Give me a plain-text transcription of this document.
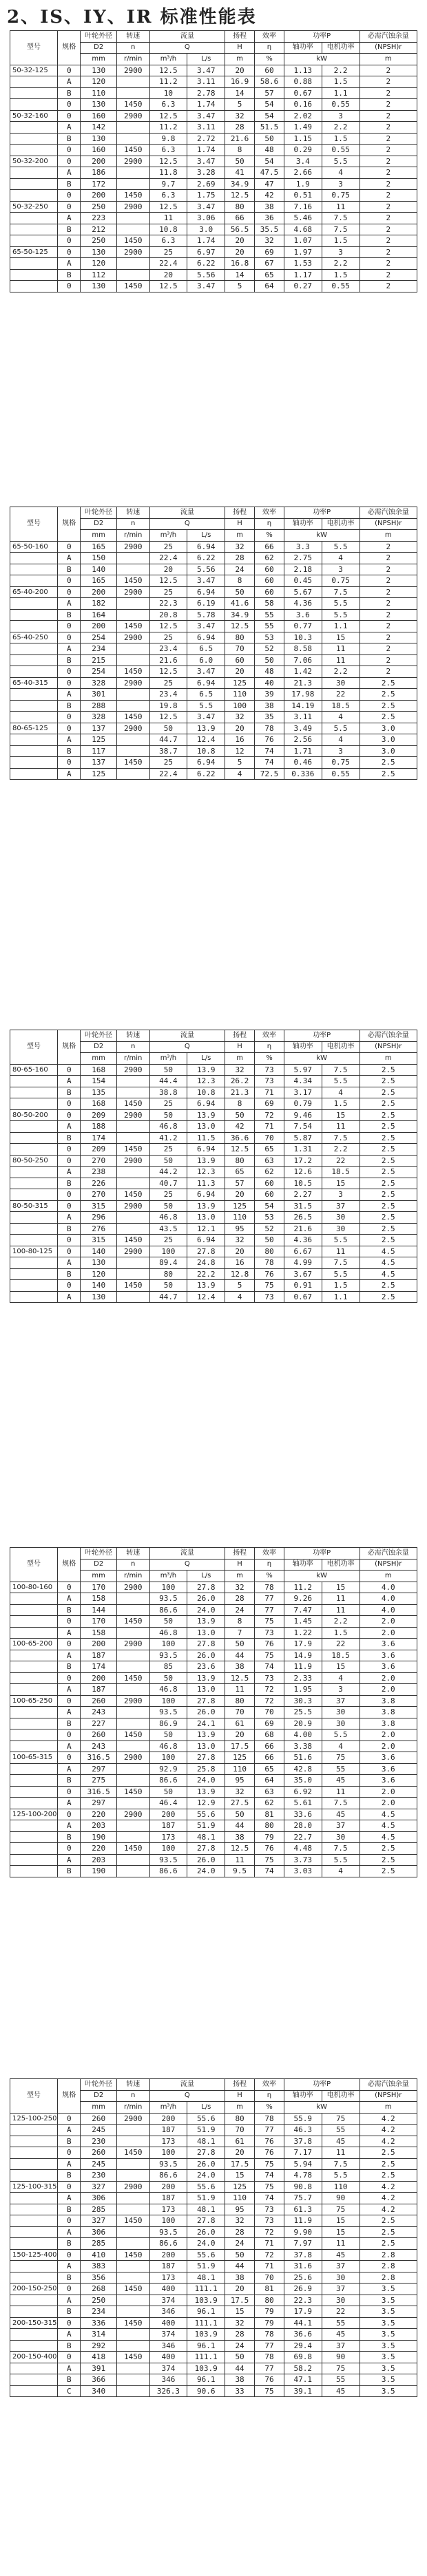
2、IS、IY、IR 标准性能表
型号	规格	叶轮外径	转速	流量		扬程	效率	功率P		必需汽蚀余量
		D2	n	Q		H	η	轴功率	电机功率	(NPSH)r
		mm	r/min	m³/h	L/s	m	%	kW		m
50-32-125	0	130	2900	12.5	3.47	20	60	1.13	2.2	2
	A	120		11.2	3.11	16.9	58.6	0.88	1.5	2
	B	110		10	2.78	14	57	0.67	1.1	2
	0	130	1450	6.3	1.74	5	54	0.16	0.55	2
50-32-160	0	160	2900	12.5	3.47	32	54	2.02	3	2
	A	142		11.2	3.11	28	51.5	1.49	2.2	2
	B	130		9.8	2.72	21.6	50	1.15	1.5	2
	0	160	1450	6.3	1.74	8	48	0.29	0.55	2
50-32-200	0	200	2900	12.5	3.47	50	54	3.4	5.5	2
	A	186		11.8	3.28	41	47.5	2.66	4	2
	B	172		9.7	2.69	34.9	47	1.9	3	2
	0	200	1450	6.3	1.75	12.5	42	0.51	0.75	2
50-32-250	0	250	2900	12.5	3.47	80	38	7.16	11	2
	A	223		11	3.06	66	36	5.46	7.5	2
	B	212		10.8	3.0	56.5	35.5	4.68	7.5	2
	0	250	1450	6.3	1.74	20	32	1.07	1.5	2
65-50-125	0	130	2900	25	6.97	20	69	1.97	3	2
	A	120		22.4	6.22	16.8	67	1.53	2.2	2
	B	112		20	5.56	14	65	1.17	1.5	2
	0	130	1450	12.5	3.47	5	64	0.27	0.55	2
型号	规格	叶轮外径	转速	流量		扬程	效率	功率P		必需汽蚀余量
		D2	n	Q		H	η	轴功率	电机功率	(NPSH)r
		mm	r/min	m³/h	L/s	m	%	kW		m
65-50-160	0	165	2900	25	6.94	32	66	3.3	5.5	2
	A	150		22.4	6.22	28	62	2.75	4	2
	B	140		20	5.56	24	60	2.18	3	2
	0	165	1450	12.5	3.47	8	60	0.45	0.75	2
65-40-200	0	200	2900	25	6.94	50	60	5.67	7.5	2
	A	182		22.3	6.19	41.6	58	4.36	5.5	2
	B	164		20.8	5.78	34.9	55	3.6	5.5	2
	0	200	1450	12.5	3.47	12.5	55	0.77	1.1	2
65-40-250	0	254	2900	25	6.94	80	53	10.3	15	2
	A	234		23.4	6.5	70	52	8.58	11	2
	B	215		21.6	6.0	60	50	7.06	11	2
	0	254	1450	12.5	3.47	20	48	1.42	2.2	2
65-40-315	0	328	2900	25	6.94	125	40	21.3	30	2.5
	A	301		23.4	6.5	110	39	17.98	22	2.5
	B	288		19.8	5.5	100	38	14.19	18.5	2.5
	0	328	1450	12.5	3.47	32	35	3.11	4	2.5
80-65-125	0	137	2900	50	13.9	20	78	3.49	5.5	3.0
	A	125		44.7	12.4	16	76	2.56	4	3.0
	B	117		38.7	10.8	12	74	1.71	3	3.0
	0	137	1450	25	6.94	5	74	0.46	0.75	2.5
	A	125		22.4	6.22	4	72.5	0.336	0.55	2.5
型号	规格	叶轮外径	转速	流量		扬程	效率	功率P		必需汽蚀余量
		D2	n	Q		H	η	轴功率	电机功率	(NPSH)r
		mm	r/min	m³/h	L/s	m	%	kW		m
80-65-160	0	168	2900	50	13.9	32	73	5.97	7.5	2.5
	A	154		44.4	12.3	26.2	73	4.34	5.5	2.5
	B	135		38.8	10.8	21.3	71	3.17	4	2.5
	0	168	1450	25	6.94	8	69	0.79	1.5	2.5
80-50-200	0	209	2900	50	13.9	50	72	9.46	15	2.5
	A	188		46.8	13.0	42	71	7.54	11	2.5
	B	174		41.2	11.5	36.6	70	5.87	7.5	2.5
	0	209	1450	25	6.94	12.5	65	1.31	2.2	2.5
80-50-250	0	270	2900	50	13.9	80	63	17.2	22	2.5
	A	238		44.2	12.3	65	62	12.6	18.5	2.5
	B	226		40.7	11.3	57	60	10.5	15	2.5
	0	270	1450	25	6.94	20	60	2.27	3	2.5
80-50-315	0	315	2900	50	13.9	125	54	31.5	37	2.5
	A	296		46.8	13.0	110	53	26.5	30	2.5
	B	276		43.5	12.1	95	52	21.6	30	2.5
	0	315	1450	25	6.94	32	50	4.36	5.5	2.5
100-80-125	0	140	2900	100	27.8	20	80	6.67	11	4.5
	A	130		89.4	24.8	16	78	4.99	7.5	4.5
	B	120		80	22.2	12.8	76	3.67	5.5	4.5
	0	140	1450	50	13.9	5	75	0.91	1.5	2.5
	A	130		44.7	12.4	4	73	0.67	1.1	2.5
型号	规格	叶轮外径	转速	流量		扬程	效率	功率P		必需汽蚀余量
		D2	n	Q		H	η	轴功率	电机功率	(NPSH)r
		mm	r/min	m³/h	L/s	m	%	kW		m
100-80-160	0	170	2900	100	27.8	32	78	11.2	15	4.0
	A	158		93.5	26.0	28	77	9.26	11	4.0
	B	144		86.6	24.0	24	77	7.47	11	4.0
	0	170	1450	50	13.9	8	75	1.45	2.2	2.0
	A	158		46.8	13.0	7	73	1.22	1.5	2.0
100-65-200	0	200	2900	100	27.8	50	76	17.9	22	3.6
	A	187		93.5	26.0	44	75	14.9	18.5	3.6
	B	174		85	23.6	38	74	11.9	15	3.6
	0	200	1450	50	13.9	12.5	73	2.33	4	2.0
	A	187		46.8	13.0	11	72	1.95	3	2.0
100-65-250	0	260	2900	100	27.8	80	72	30.3	37	3.8
	A	243		93.5	26.0	70	70	25.5	30	3.8
	B	227		86.9	24.1	61	69	20.9	30	3.8
	0	260	1450	50	13.9	20	68	4.00	5.5	2.0
	A	243		46.8	13.0	17.5	66	3.38	4	2.0
100-65-315	0	316.5	2900	100	27.8	125	66	51.6	75	3.6
	A	297		92.9	25.8	110	65	42.8	55	3.6
	B	275		86.6	24.0	95	64	35.0	45	3.6
	0	316.5	1450	50	13.9	32	63	6.92	11	2.0
	A	297		46.4	12.9	27.5	62	5.61	7.5	2.0
125-100-200	0	220	2900	200	55.6	50	81	33.6	45	4.5
	A	203		187	51.9	44	80	28.0	37	4.5
	B	190		173	48.1	38	79	22.7	30	4.5
	0	220	1450	100	27.8	12.5	76	4.48	7.5	2.5
	A	203		93.5	26.0	11	75	3.73	5.5	2.5
	B	190		86.6	24.0	9.5	74	3.03	4	2.5
型号	规格	叶轮外径	转速	流量		扬程	效率	功率P		必需汽蚀余量
		D2	n	Q		H	η	轴功率	电机功率	(NPSH)r
		mm	r/min	m³/h	L/s	m	%	kW		m
125-100-250	0	260	2900	200	55.6	80	78	55.9	75	4.2
	A	245		187	51.9	70	77	46.3	55	4.2
	B	230		173	48.1	61	76	37.8	45	4.2
	0	260	1450	100	27.8	20	76	7.17	11	2.5
	A	245		93.5	26.0	17.5	75	5.94	7.5	2.5
	B	230		86.6	24.0	15	74	4.78	5.5	2.5
125-100-315	0	327	2900	200	55.6	125	75	90.8	110	4.2
	A	306		187	51.9	110	74	75.7	90	4.2
	B	285		173	48.1	95	73	61.3	75	4.2
	0	327	1450	100	27.8	32	73	11.9	15	2.5
	A	306		93.5	26.0	28	72	9.90	15	2.5
	B	285		86.6	24.0	24	71	7.97	11	2.5
150-125-400	0	410	1450	200	55.6	50	72	37.8	45	2.8
	A	383		187	51.9	44	71	31.6	37	2.8
	B	356		173	48.1	38	70	25.6	30	2.8
200-150-250	0	268	1450	400	111.1	20	81	26.9	37	3.5
	A	250		374	103.9	17.5	80	22.3	30	3.5
	B	234		346	96.1	15	79	17.9	22	3.5
200-150-315	0	336	1450	400	111.1	32	79	44.1	55	3.5
	A	314		374	103.9	28	78	36.6	45	3.5
	B	292		346	96.1	24	77	29.4	37	3.5
200-150-400	0	418	1450	400	111.1	50	78	69.8	90	3.5
	A	391		374	103.9	44	77	58.2	75	3.5
	B	366		346	96.1	38	76	47.1	55	3.5
	C	340		326.3	90.6	33	75	39.1	45	3.5
